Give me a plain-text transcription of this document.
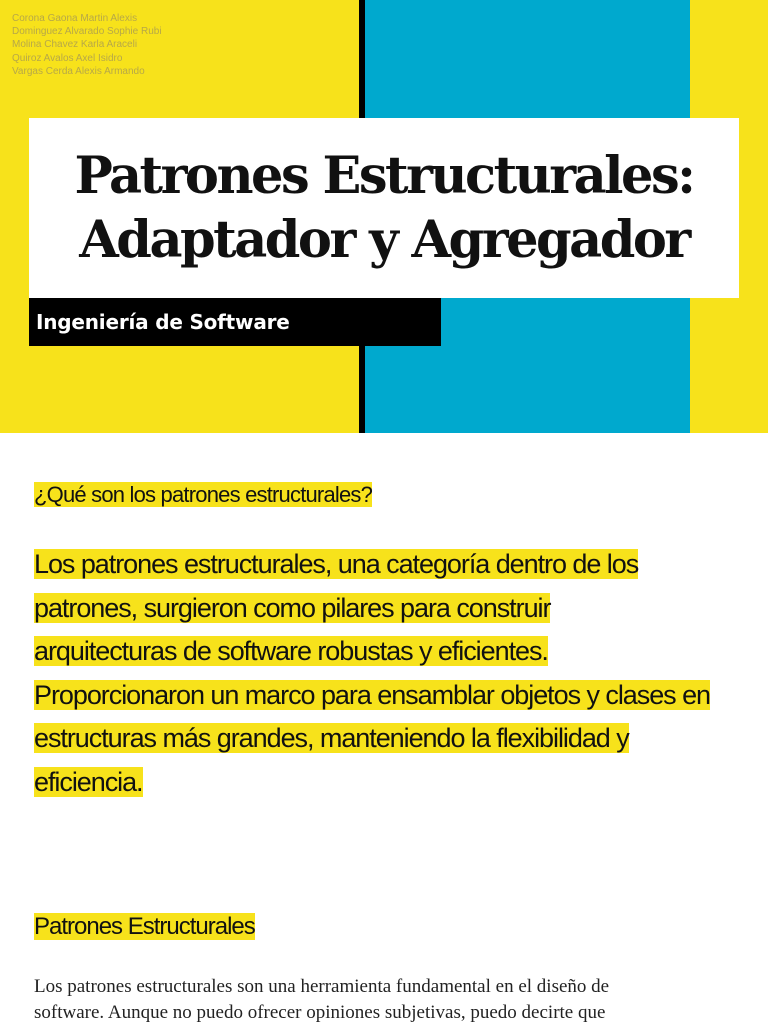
Corona Gaona Martin Alexis
Dominguez Alvarado Sophie Rubi
Molina Chavez Karla Araceli
Quiroz Avalos Axel Isidro
Vargas Cerda Alexis Armando
Patrones Estructurales:
Adaptador y Agregador
Ingeniería de Software
¿Qué son los patrones estructurales?
Los patrones estructurales, una categoría dentro de los
patrones, surgieron como pilares para construir
arquitecturas de software robustas y eficientes.
Proporcionaron un marco para ensamblar objetos y clases en
estructuras más grandes, manteniendo la flexibilidad y
eficiencia.
Patrones Estructurales
Los patrones estructurales son una herramienta fundamental en el diseño de
software. Aunque no puedo ofrecer opiniones subjetivas, puedo decirte que
